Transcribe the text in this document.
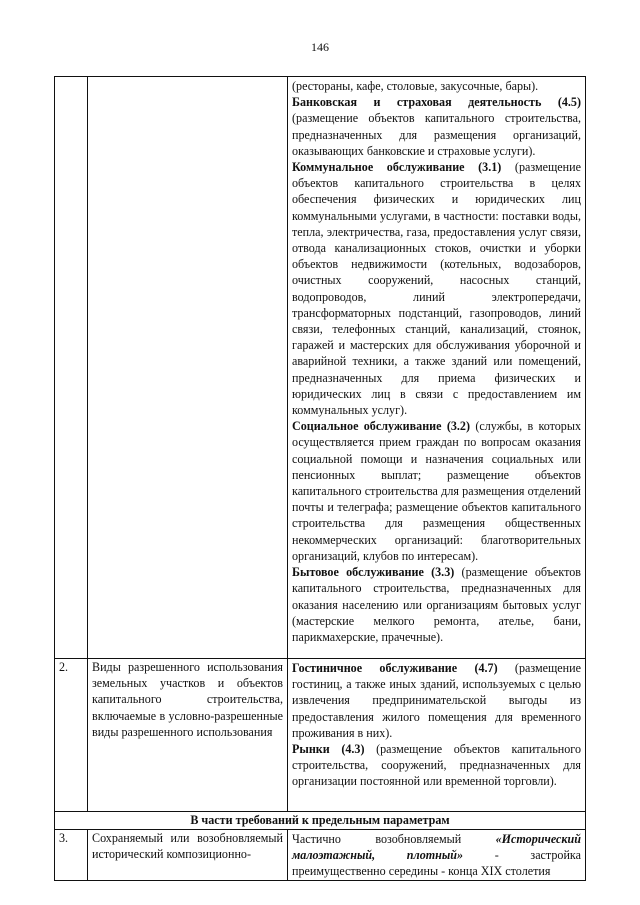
146

		(рестораны, кафе, столовые, закусочные, бары).

Банковская и страховая деятельность (4.5) (размещение объектов капитального строительства, предназначенных для размещения организаций, оказывающих банковские и страховые услуги).

Коммунальное обслуживание (3.1) (размещение объектов капитального строительства в целях обеспечения физических и юридических лиц коммунальными услугами, в частности: поставки воды, тепла, электричества, газа, предоставления услуг связи, отвода канализационных стоков, очистки и уборки объектов недвижимости (котельных, водозаборов, очистных сооружений, насосных станций, водопроводов, линий электропередачи, трансформаторных подстанций, газопроводов, линий связи, телефонных станций, канализаций, стоянок, гаражей и мастерских для обслуживания уборочной и аварийной техники, а также зданий или помещений, предназначенных для приема физических и юридических лиц в связи с предоставлением им коммунальных услуг).

Социальное обслуживание (3.2) (службы, в которых осуществляется прием граждан по вопросам оказания социальной помощи и назначения социальных или пенсионных выплат; размещение объектов капитального строительства для размещения отделений почты и телеграфа; размещение объектов капитального строительства для размещения общественных некоммерческих организаций: благотворительных организаций, клубов по интересам).

Бытовое обслуживание (3.3) (размещение объектов капитального строительства, предназначенных для оказания населению или организациям бытовых услуг (мастерские мелкого ремонта, ателье, бани, парикмахерские, прачечные).

2.	Виды разрешенного использования земельных участков и объектов капитального строительства, включаемые в условно-разрешенные виды разрешенного использования	Гостиничное обслуживание (4.7) (размещение гостиниц, а также иных зданий, используемых с целью извлечения предпринимательской выгоды из предоставления жилого помещения для временного проживания в них).

Рынки (4.3) (размещение объектов капитального строительства, сооружений, предназначенных для организации постоянной или временной торговли).

В части требований к предельным параметрам		
3.	Сохраняемый или возобновляемый исторический композиционно-	Частично возобновляемый «Исторический малоэтажный, плотный» - застройка преимущественно середины - конца XIX столетия
